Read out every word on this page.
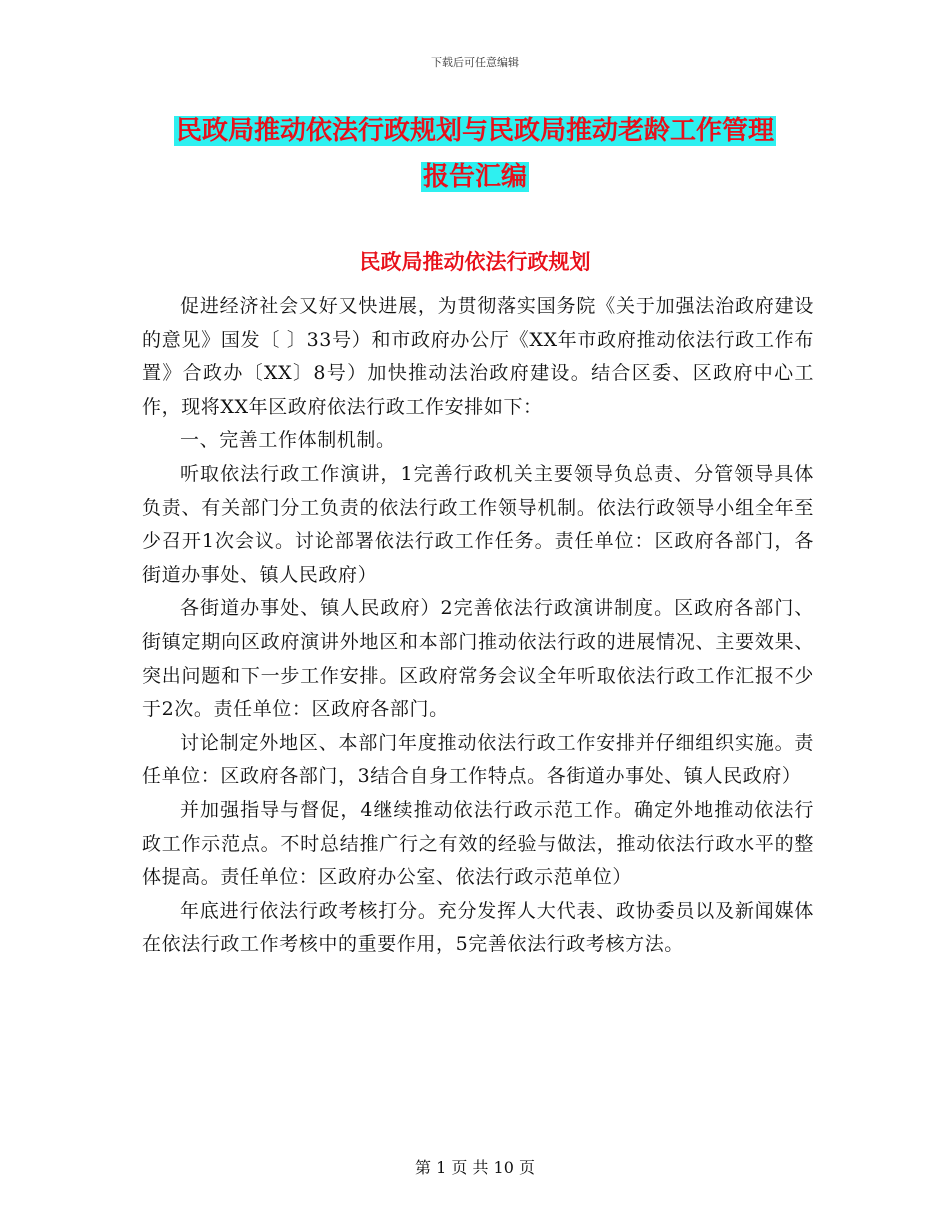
下载后可任意编辑
民政局推动依法行政规划与民政局推动老龄工作管理
报告汇编
民政局推动依法行政规划

促进经济社会又好又快进展，为贯彻落实国务院《关于加强法治政府建设的意见》国发〔 〕33号）和市政府办公厅《XX年市政府推动依法行政工作布置》合政办〔XX〕8号）加快推动法治政府建设。结合区委、区政府中心工作，现将XX年区政府依法行政工作安排如下：

一、完善工作体制机制。

听取依法行政工作演讲，1完善行政机关主要领导负总责、分管领导具体负责、有关部门分工负责的依法行政工作领导机制。依法行政领导小组全年至少召开1次会议。讨论部署依法行政工作任务。责任单位：区政府各部门，各街道办事处、镇人民政府）

各街道办事处、镇人民政府）2完善依法行政演讲制度。区政府各部门、街镇定期向区政府演讲外地区和本部门推动依法行政的进展情况、主要效果、突出问题和下一步工作安排。区政府常务会议全年听取依法行政工作汇报不少于2次。责任单位：区政府各部门。

讨论制定外地区、本部门年度推动依法行政工作安排并仔细组织实施。责任单位：区政府各部门，3结合自身工作特点。各街道办事处、镇人民政府）

并加强指导与督促，4继续推动依法行政示范工作。确定外地推动依法行政工作示范点。不时总结推广行之有效的经验与做法，推动依法行政水平的整体提高。责任单位：区政府办公室、依法行政示范单位）

年底进行依法行政考核打分。充分发挥人大代表、政协委员以及新闻媒体在依法行政工作考核中的重要作用，5完善依法行政考核方法。

第 1 页 共 10 页
